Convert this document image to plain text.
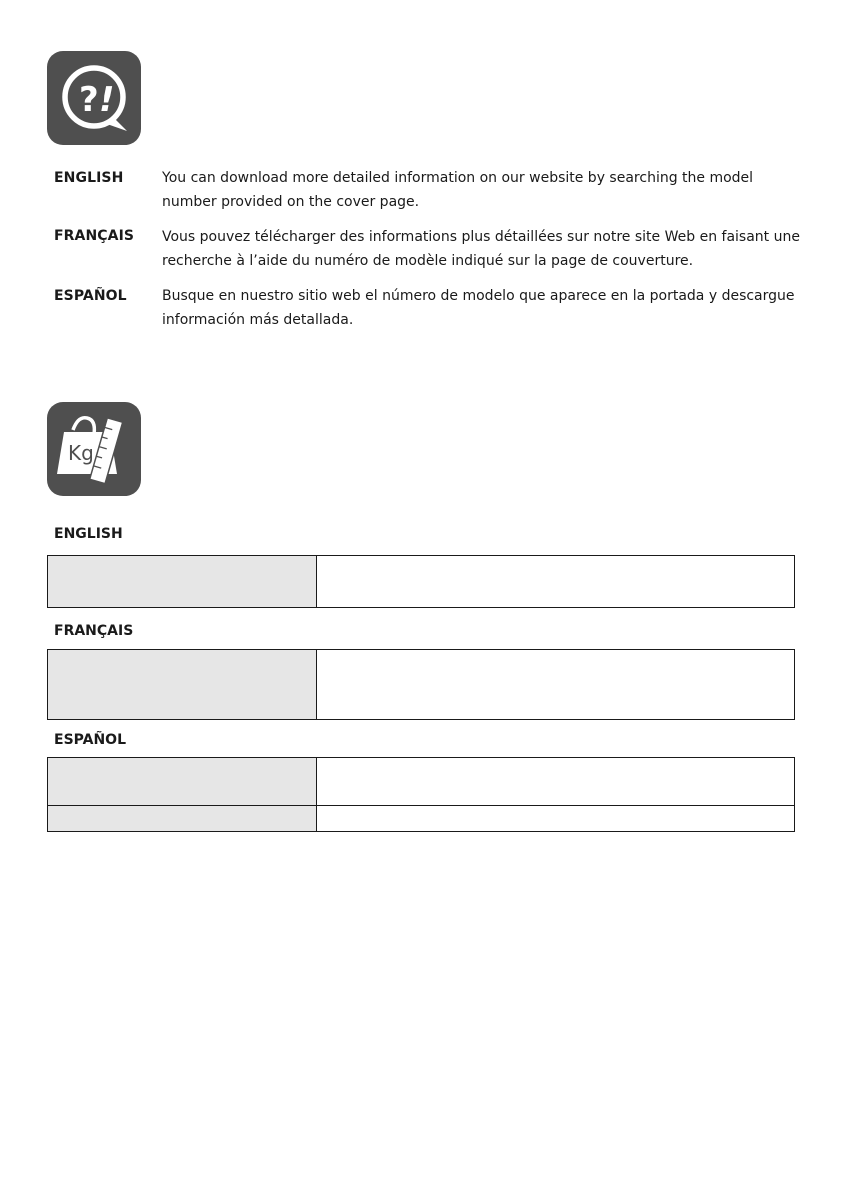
? !
ENGLISH	You can download more detailed information on our website by searching the model number provided on the cover page.
FRANÇAIS Vous pouvez télécharger des informations plus détaillées sur notre site Web en faisant une recherche à l’aide du numéro de modèle indiqué sur la page de couverture.
ESPAÑOL	Busque en nuestro sitio web el número de modelo que aparece en la portada y descargue información más detallada.
Kg
ENGLISH

FRANÇAIS

ESPAÑOL
